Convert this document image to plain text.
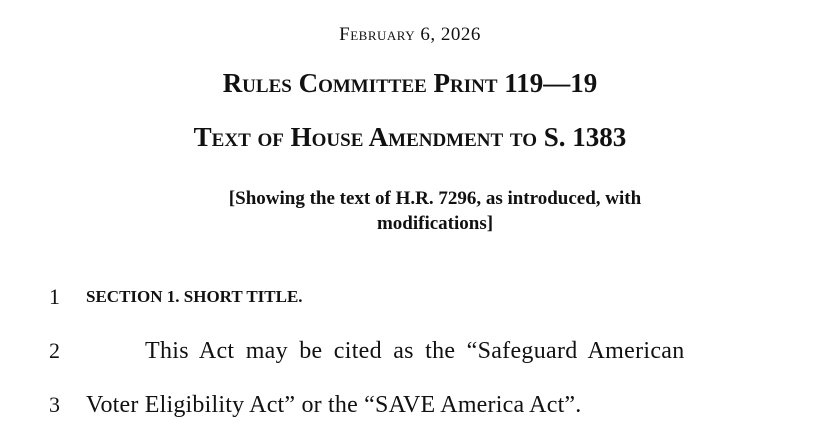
February 6, 2026
Rules Committee Print 119—19
Text of House Amendment to S. 1383
[Showing the text of H.R. 7296, as introduced, with
modifications]
1	SECTION 1. SHORT TITLE.
2	This Act may be cited as the “Safeguard American
3	Voter Eligibility Act” or the “SAVE America Act”.
